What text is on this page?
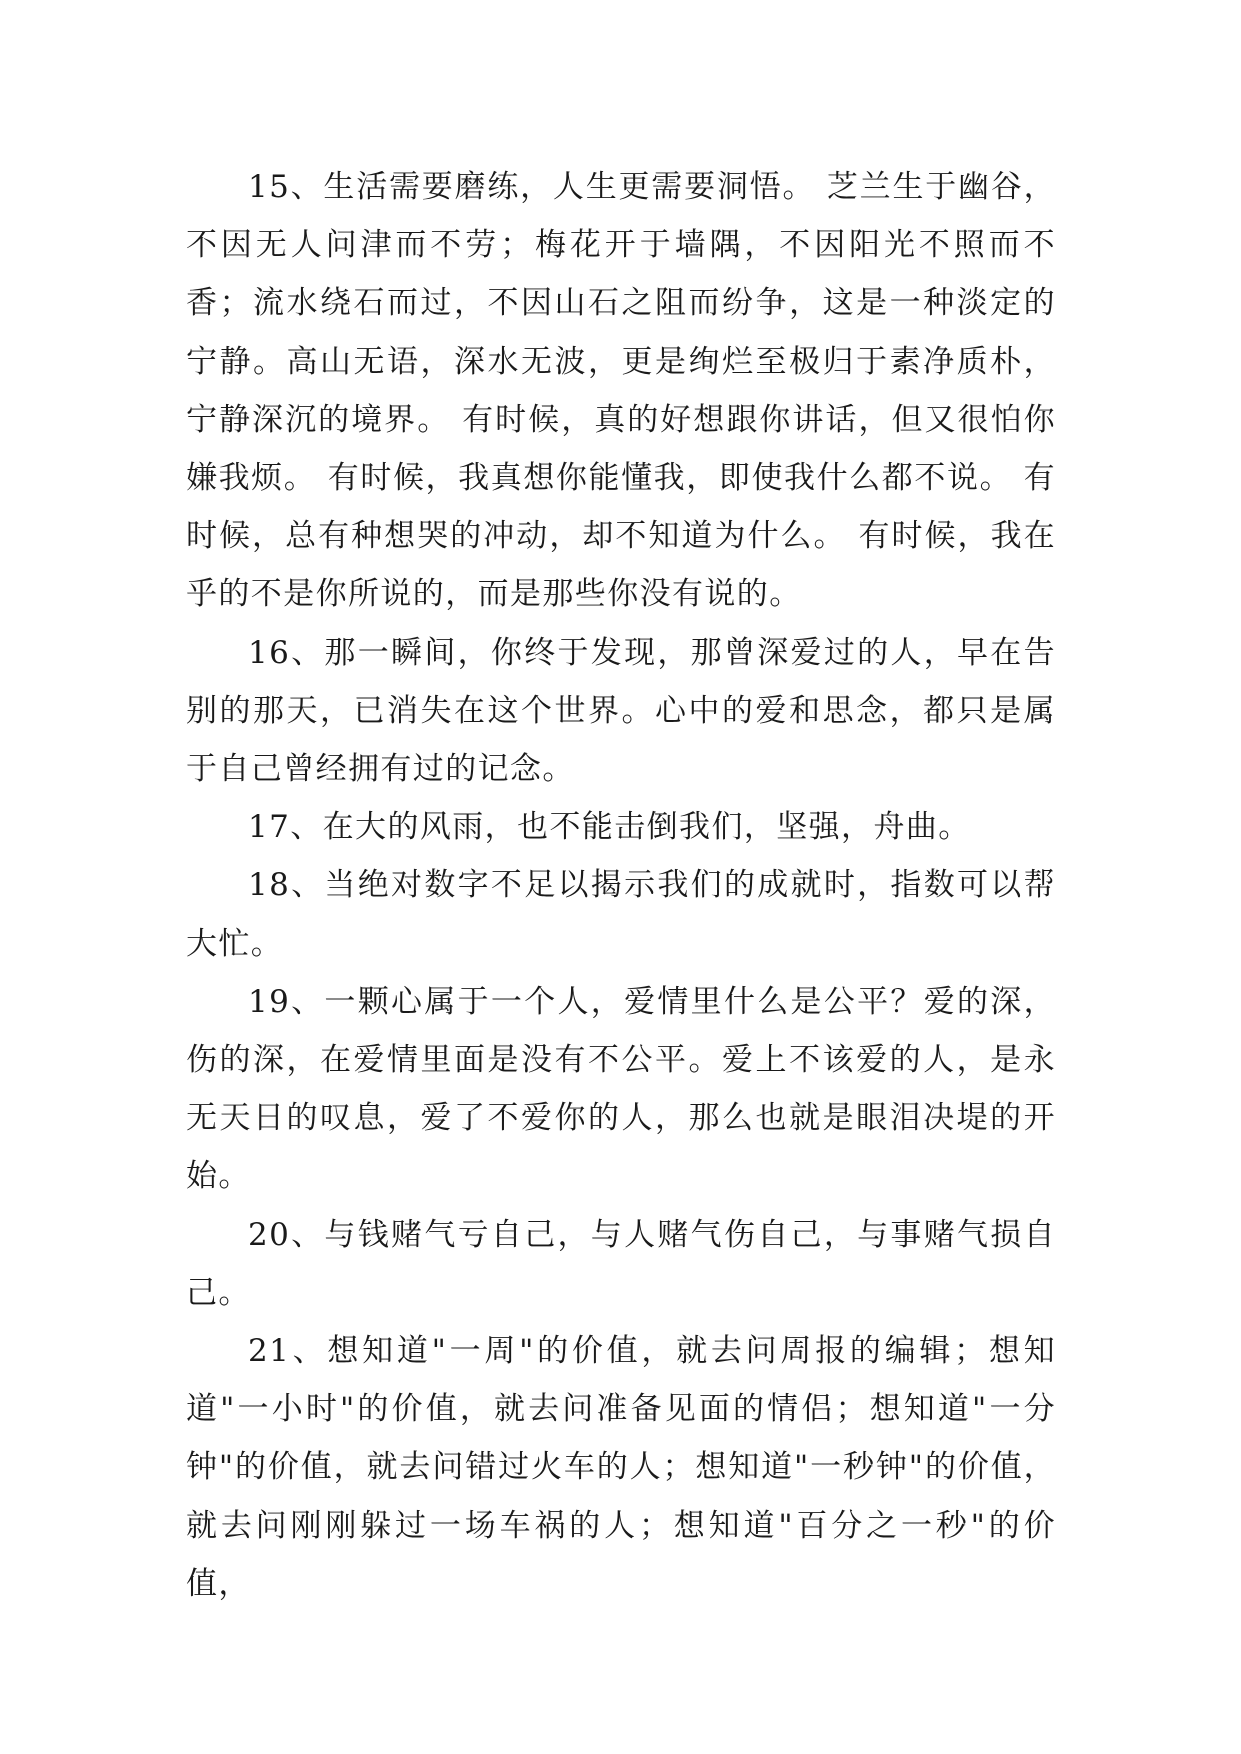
15、生活需要磨练，人生更需要洞悟。 芝兰生于幽谷，不因无人问津而不劳；梅花开于墙隅，不因阳光不照而不香；流水绕石而过，不因山石之阻而纷争，这是一种淡定的宁静。高山无语，深水无波，更是绚烂至极归于素净质朴，宁静深沉的境界。 有时候，真的好想跟你讲话，但又很怕你嫌我烦。 有时候，我真想你能懂我，即使我什么都不说。 有时候，总有种想哭的冲动，却不知道为什么。 有时候，我在乎的不是你所说的，而是那些你没有说的。

16、那一瞬间，你终于发现，那曾深爱过的人，早在告别的那天，已消失在这个世界。心中的爱和思念，都只是属于自己曾经拥有过的记念。

17、在大的风雨，也不能击倒我们，坚强，舟曲。

18、当绝对数字不足以揭示我们的成就时，指数可以帮大忙。

19、一颗心属于一个人，爱情里什么是公平？爱的深，伤的深，在爱情里面是没有不公平。爱上不该爱的人，是永无天日的叹息，爱了不爱你的人，那么也就是眼泪决堤的开始。

20、与钱赌气亏自己，与人赌气伤自己，与事赌气损自己。

21、想知道"一周"的价值，就去问周报的编辑；想知道"一小时"的价值，就去问准备见面的情侣；想知道"一分钟"的价值，就去问错过火车的人；想知道"一秒钟"的价值，就去问刚刚躲过一场车祸的人；想知道"百分之一秒"的价值，
